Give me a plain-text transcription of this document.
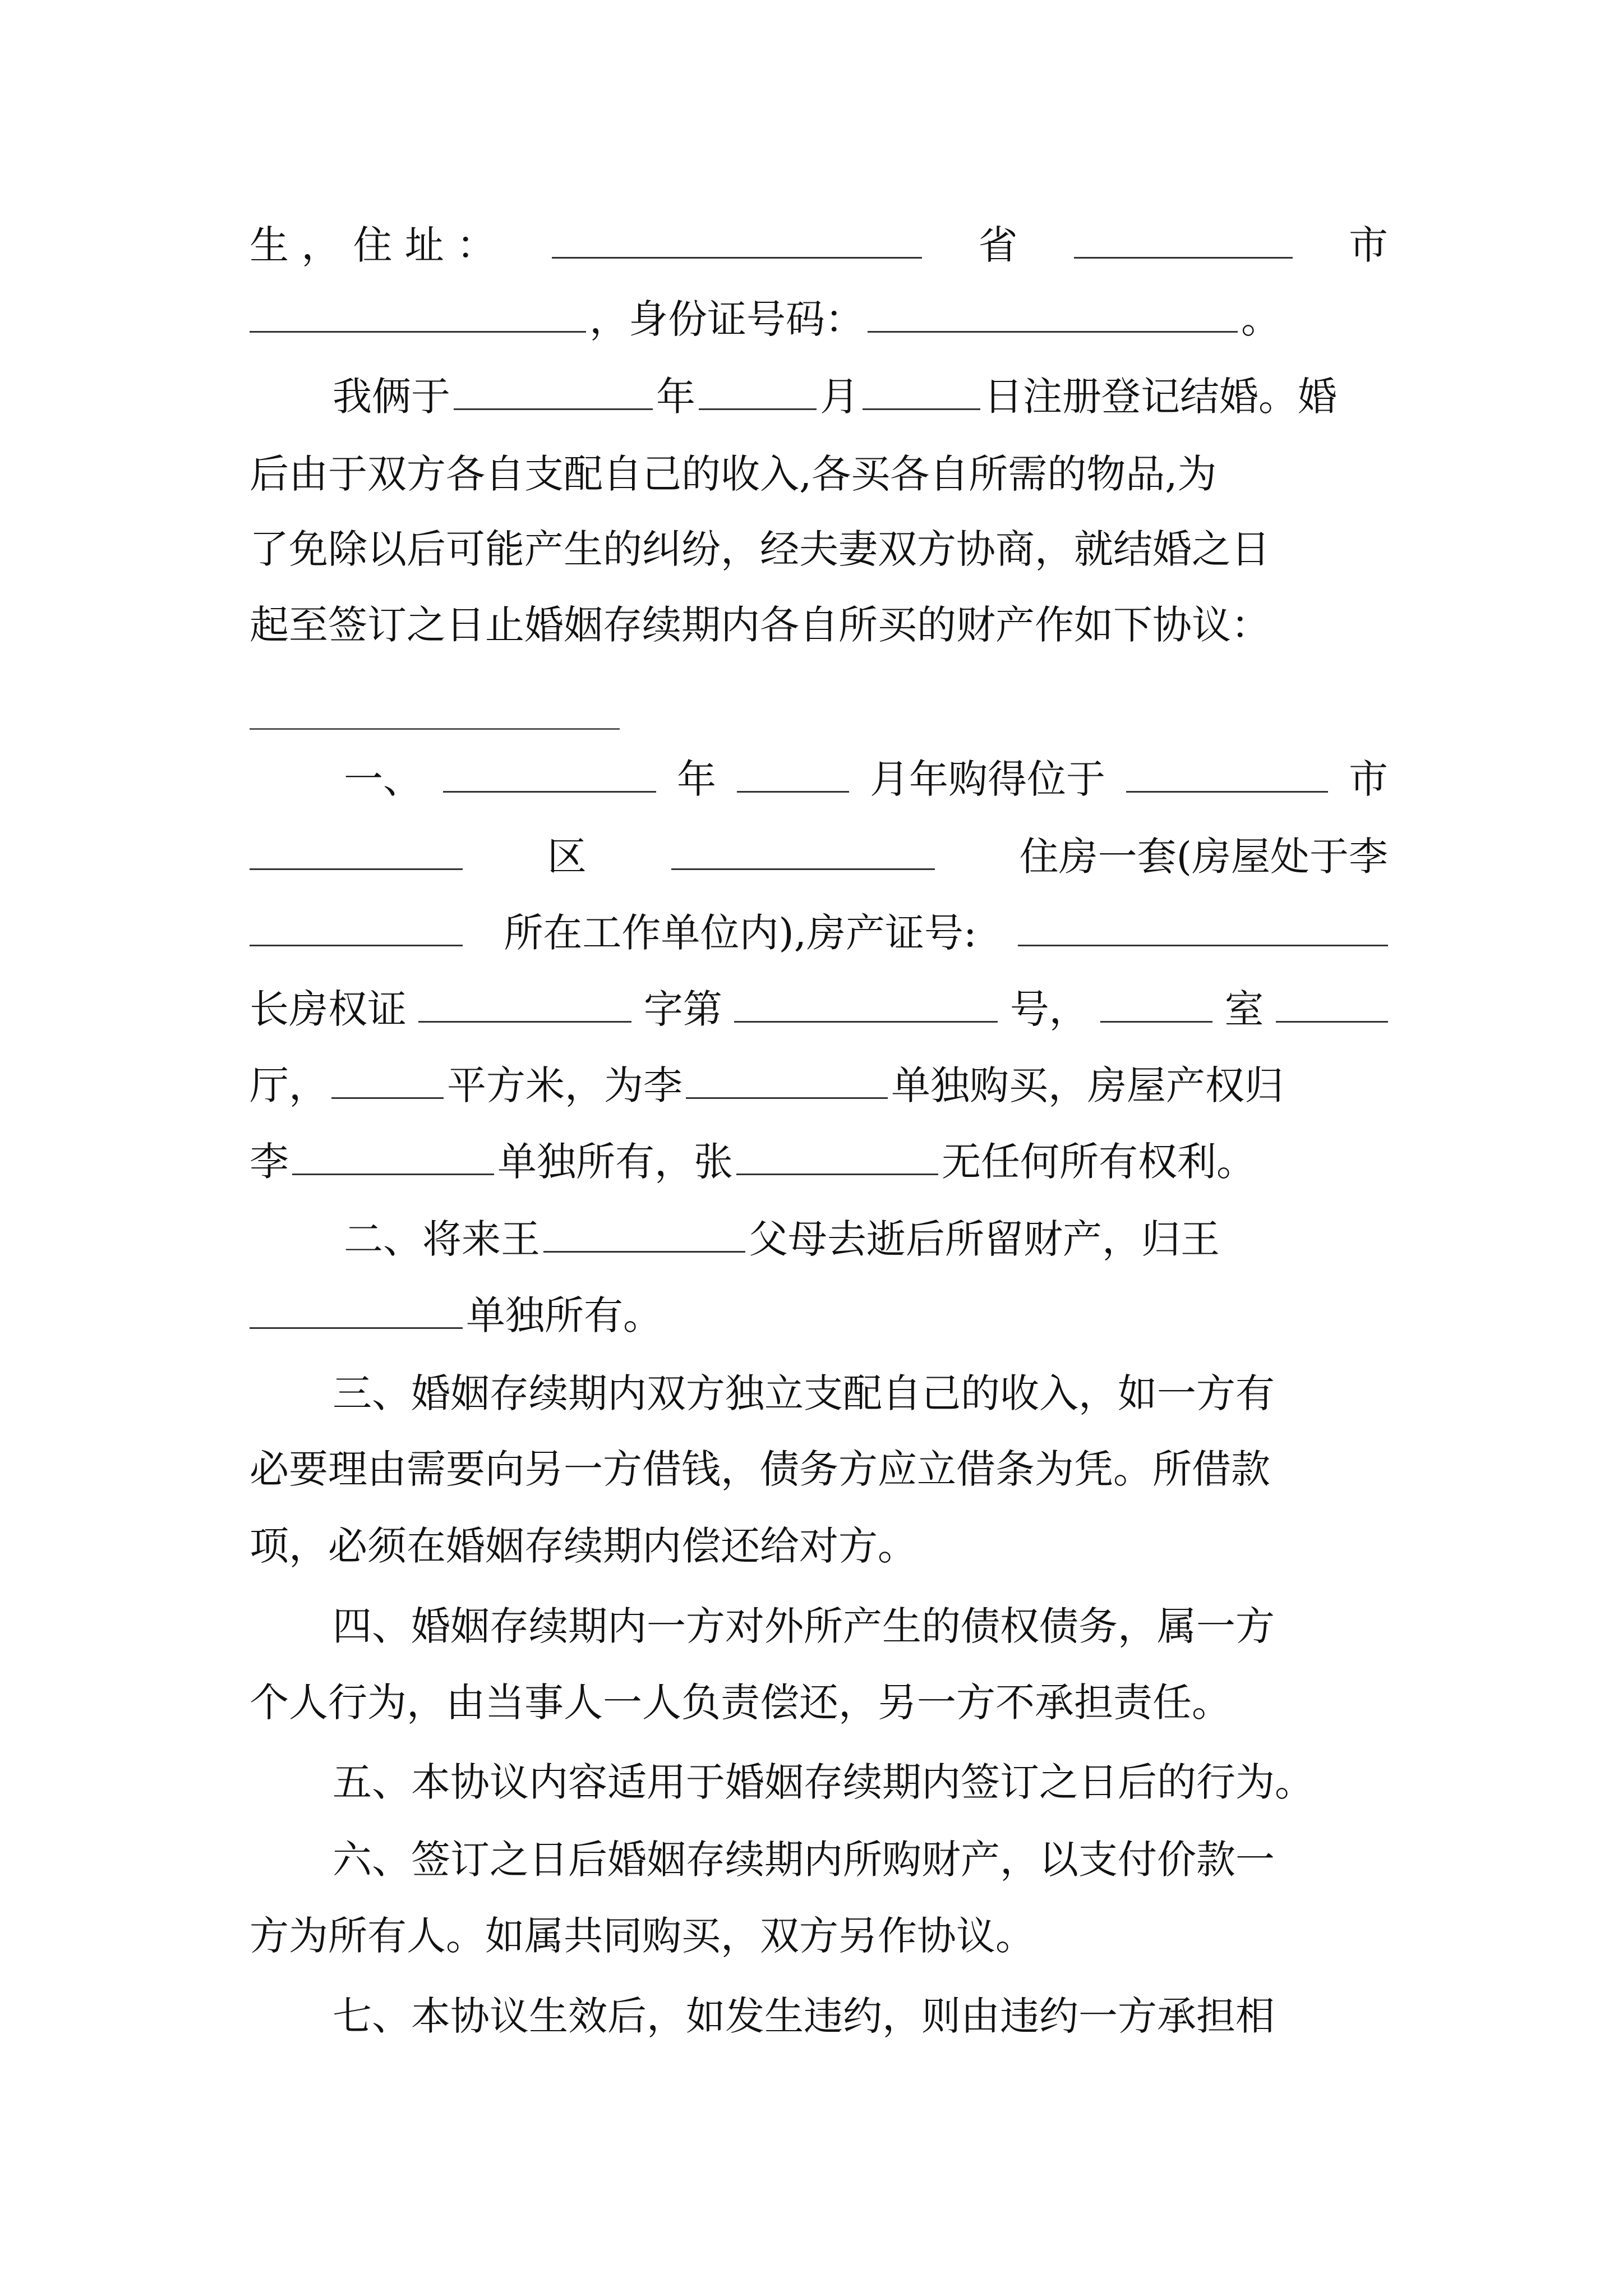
生 ， 住 址 ：	省	市
，身份证号码：	。
我俩于	年	月	日注册登记结婚。婚
后由于双方各自支配自己的收入,各买各自所需的物品,为
了免除以后可能产生的纠纷，经夫妻双方协商，就结婚之日
起至签订之日止婚姻存续期内各自所买的财产作如下协议：
一、	年	月年购得位于	市
区	住房一套(房屋处于李
所在工作单位内),房产证号:
长房权证	字第	号，	室
厅，	平方米，为李	单独购买，房屋产权归
李	单独所有，张	无任何所有权利。
二、将来王	父母去逝后所留财产，归王
单独所有。
三、婚姻存续期内双方独立支配自己的收入，如一方有
必要理由需要向另一方借钱，债务方应立借条为凭。所借款
项，必须在婚姻存续期内偿还给对方。
四、婚姻存续期内一方对外所产生的债权债务，属一方
个人行为，由当事人一人负责偿还，另一方不承担责任。
五、本协议内容适用于婚姻存续期内签订之日后的行为。
六、签订之日后婚姻存续期内所购财产，以支付价款一
方为所有人。如属共同购买，双方另作协议。
七、本协议生效后，如发生违约，则由违约一方承担相
